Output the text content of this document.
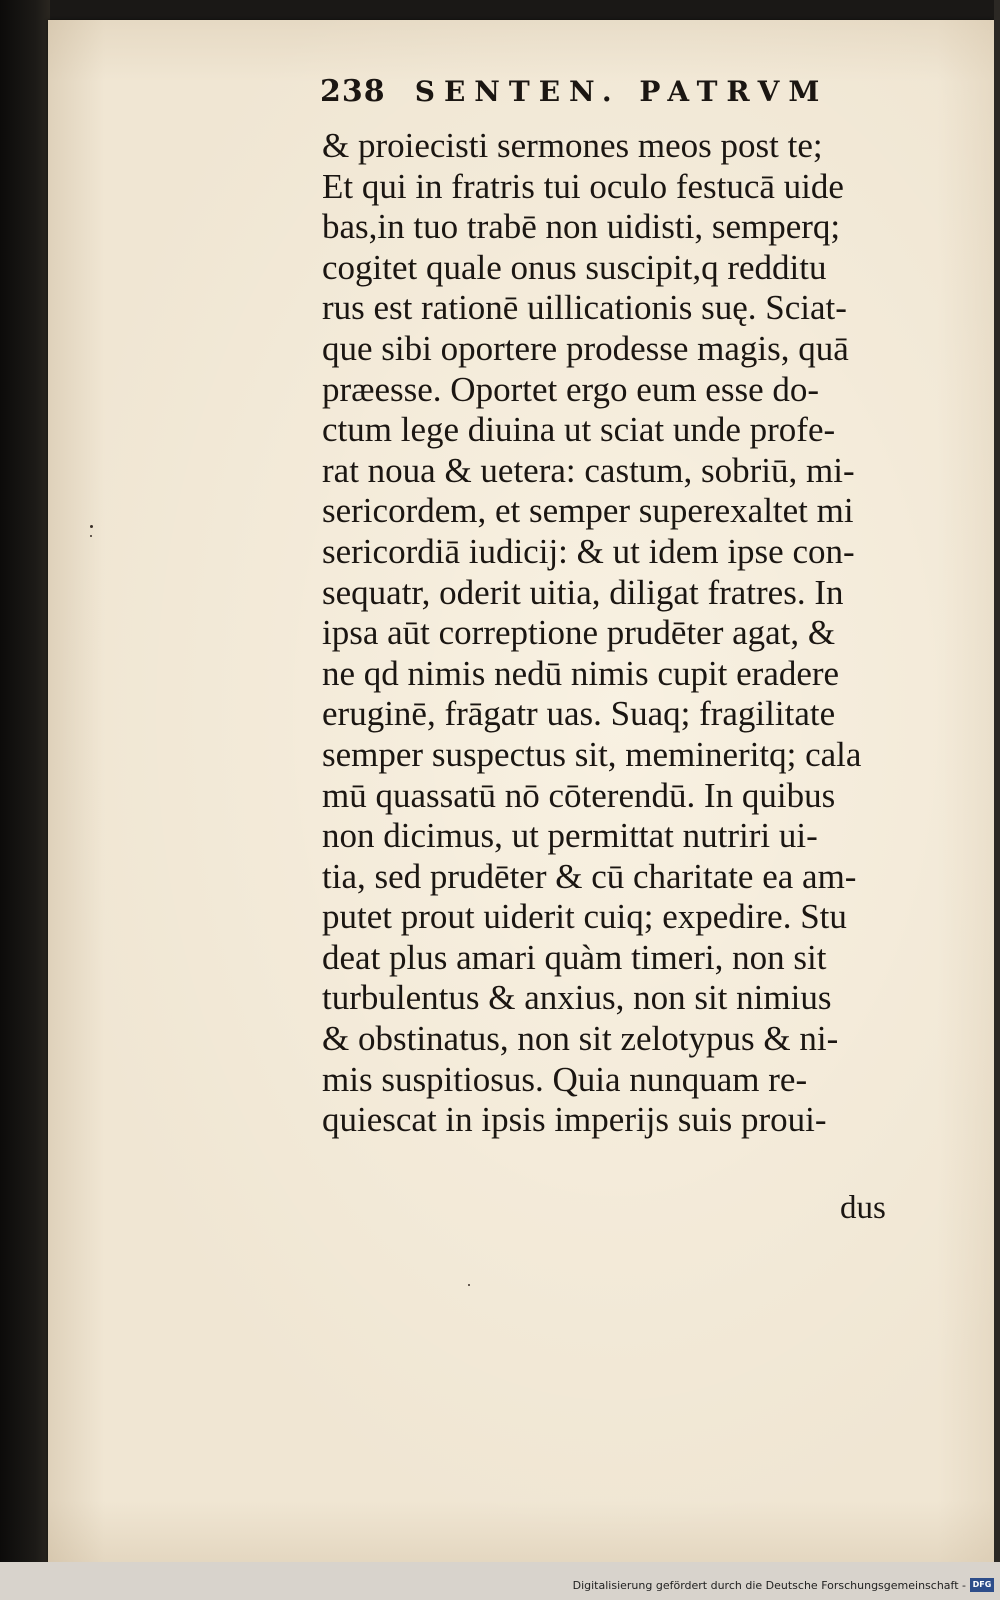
238 SENTEN. PATRVM
& proiecisti sermones meos post te;
Et qui in fratris tui oculo festucā uide
bas,in tuo trabē non uidisti, semperq;
cogitet quale onus suscipit,q redditu
rus est rationē uillicationis suę. Sciat-
que sibi oportere prodesse magis, quā
præesse. Oportet ergo eum esse do-
ctum lege diuina ut sciat unde profe-
rat noua & uetera: castum, sobriū, mi-
sericordem, et semper superexaltet mi
sericordiā iudicij: & ut idem ipse con-
sequatr, oderit uitia, diligat fratres. In
ipsa aūt correptione prudēter agat, &
ne qd nimis nedū nimis cupit eradere
eruginē, frāgatr uas. Suaq; fragilitate
semper suspectus sit, memineritq; cala
mū quassatū nō cōterendū. In quibus
non dicimus, ut permittat nutriri ui-
tia, sed prudēter & cū charitate ea am-
putet prout uiderit cuiq; expedire. Stu
deat plus amari quàm timeri, non sit
turbulentus & anxius, non sit nimius
& obstinatus, non sit zelotypus & ni-
mis suspitiosus. Quia nunquam re-
quiescat in ipsis imperijs suis proui-
dus
Digitalisierung gefördert durch die Deutsche Forschungsgemeinschaft - DFG
